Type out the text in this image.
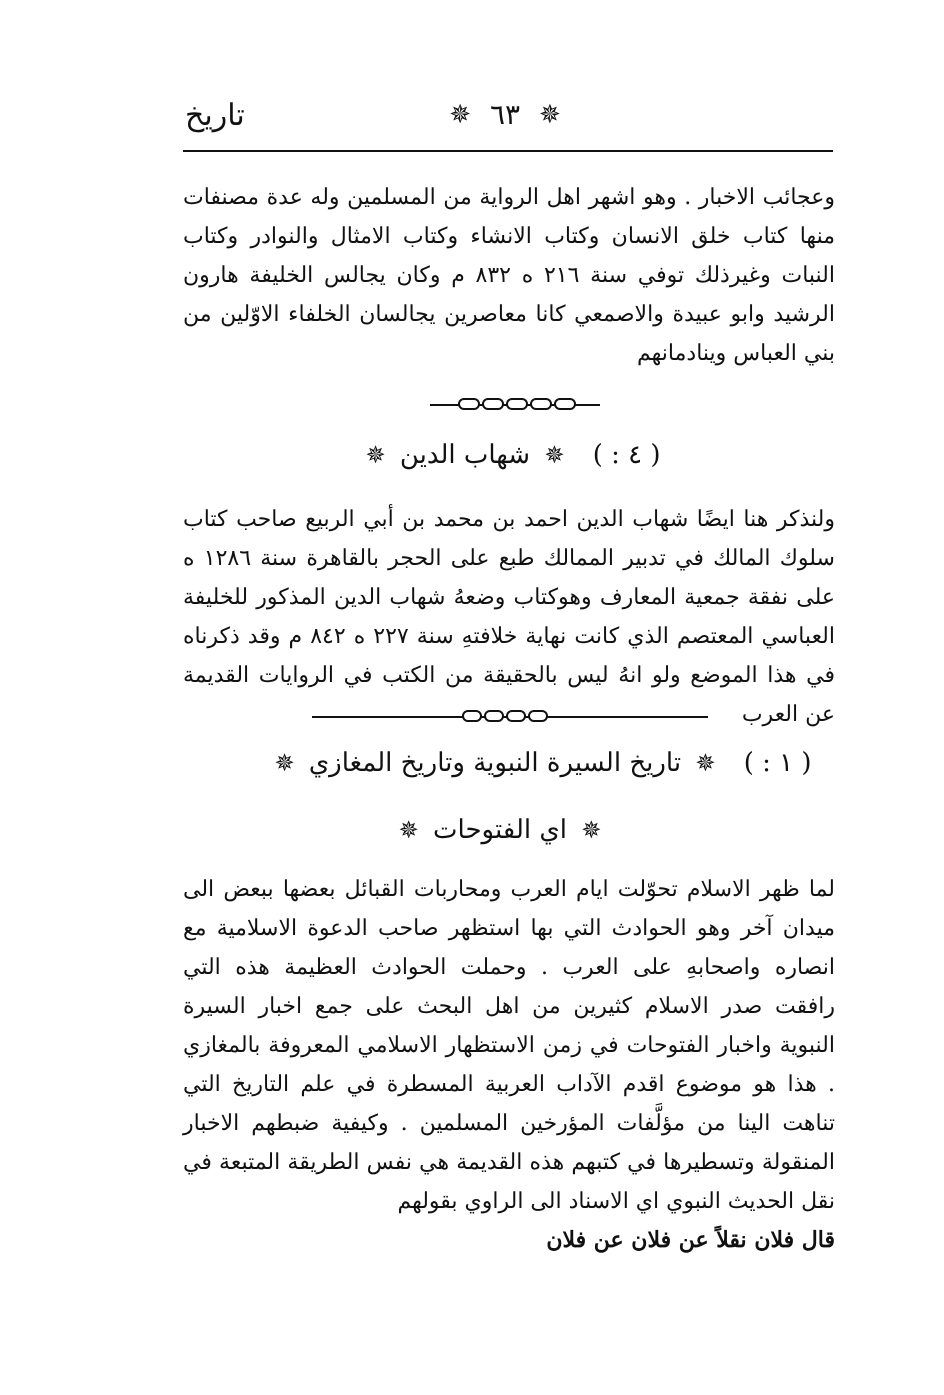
تاريخ	✵ ٦٣ ✵

وعجائب الاخبار . وهو اشهر اهل الرواية من المسلمين وله عدة مصنفات منها كتاب خلق الانسان وكتاب الانشاء وكتاب الامثال والنوادر وكتاب النبات وغيرذلك توفي سنة ٢١٦ ه ٨٣٢ م وكان يجالس الخليفة هارون الرشيد وابو عبيدة والاصمعي كانا معاصرين يجالسان الخلفاء الاوّلين من بني العباس وينادمانهم

( ٤ : ) ✵ شهاب الدين ✵

ولنذكر هنا ايضًا شهاب الدين احمد بن محمد بن أبي الربيع صاحب كتاب سلوك المالك في تدبير الممالك طبع على الحجر بالقاهرة سنة ١٢٨٦ ه على نفقة جمعية المعارف وهوكتاب وضعهُ شهاب الدين المذكور للخليفة العباسي المعتصم الذي كانت نهاية خلافتهِ سنة ٢٢٧ ه ٨٤٢ م وقد ذكرناه في هذا الموضع ولو انهُ ليس بالحقيقة من الكتب في الروايات القديمة عن العرب

( ١ : ) ✵ تاريخ السيرة النبوية وتاريخ المغازي ✵
✵ اي الفتوحات ✵
لما ظهر الاسلام تحوّلت ايام العرب ومحاربات القبائل بعضها ببعض الى ميدان آخر وهو الحوادث التي بها استظهر صاحب الدعوة الاسلامية مع انصاره واصحابهِ على العرب . وحملت الحوادث العظيمة هذه التي رافقت صدر الاسلام كثيرين من اهل البحث على جمع اخبار السيرة النبوية واخبار الفتوحات في زمن الاستظهار الاسلامي المعروفة بالمغازي . هذا هو موضوع اقدم الآداب العربية المسطرة في علم التاريخ التي تناهت الينا من مؤلَّفات المؤرخين المسلمين . وكيفية ضبطهم الاخبار المنقولة وتسطيرها في كتبهم هذه القديمة هي نفس الطريقة المتبعة في نقل الحديث النبوي اي الاسناد الى الراوي بقولهم
قال فلان نقلاً عن فلان عن فلان
